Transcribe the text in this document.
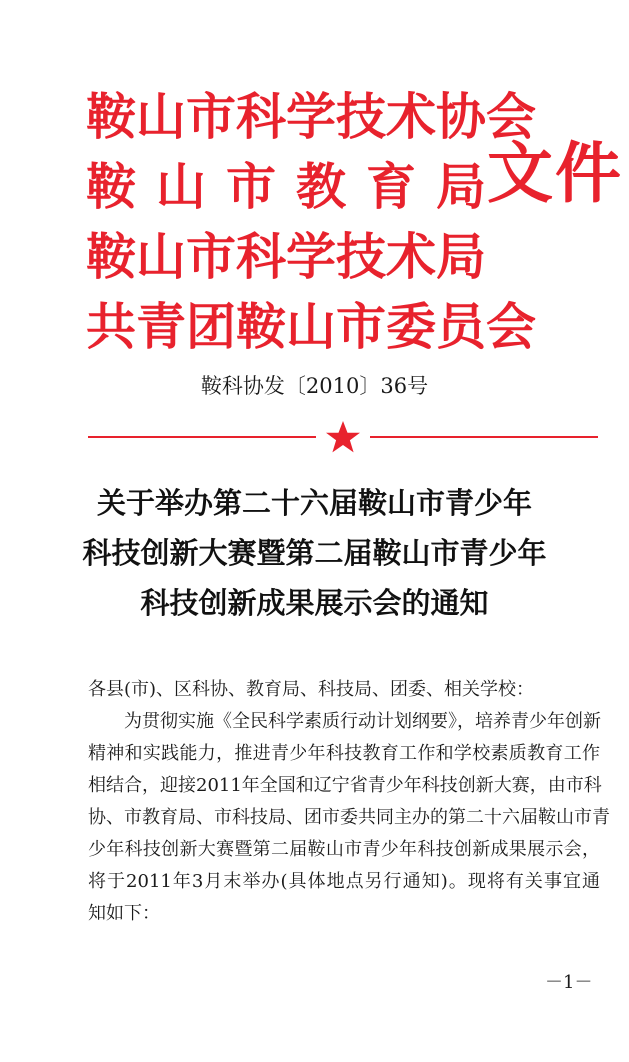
鞍 山 市 科 学 技 术 协 会
鞍 山 市 教 育 局
鞍 山 市 科 学 技 术 局
共 青 团 鞍 山 市 委 员 会
文件
鞍科协发〔2010〕36号
关于举办第二十六届鞍山市青少年
科技创新大赛暨第二届鞍山市青少年
科技创新成果展示会的通知
各县(市)、区科协、教育局、科技局、团委、相关学校：
为贯彻实施《全民科学素质行动计划纲要》，培养青少年创新
精神和实践能力，推进青少年科技教育工作和学校素质教育工作
相结合，迎接2011年全国和辽宁省青少年科技创新大赛，由市科
协、市教育局、市科技局、团市委共同主办的第二十六届鞍山市青
少年科技创新大赛暨第二届鞍山市青少年科技创新成果展示会，
将于2011年3月末举办(具体地点另行通知)。现将有关事宜通
知如下：
－1－
